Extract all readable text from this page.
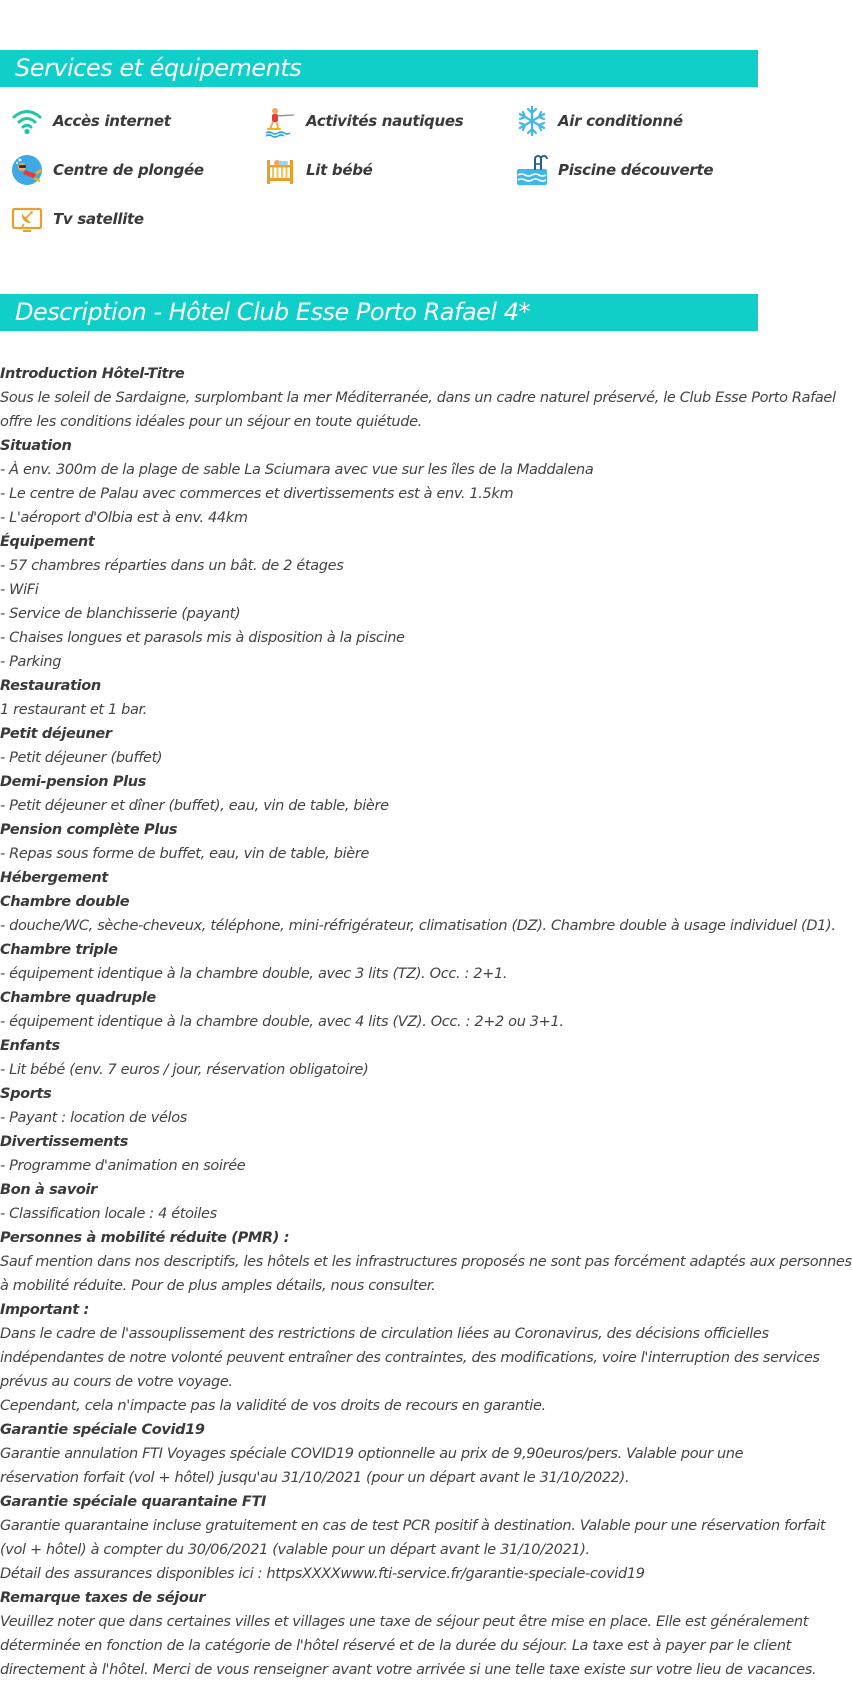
Services et équipements
Accès internet	Activités nautiques	Air conditionné
Centre de plongée	Lit bébé	Piscine découverte
Tv satellite
Description - Hôtel Club Esse Porto Rafael 4*
Introduction Hôtel-Titre
Sous le soleil de Sardaigne, surplombant la mer Méditerranée, dans un cadre naturel préservé, le Club Esse Porto Rafael
offre les conditions idéales pour un séjour en toute quiétude.
Situation
- À env. 300m de la plage de sable La Sciumara avec vue sur les îles de la Maddalena
- Le centre de Palau avec commerces et divertissements est à env. 1.5km
- L'aéroport d'Olbia est à env. 44km
Équipement
- 57 chambres réparties dans un bât. de 2 étages
- WiFi
- Service de blanchisserie (payant)
- Chaises longues et parasols mis à disposition à la piscine
- Parking
Restauration
1 restaurant et 1 bar.
Petit déjeuner
- Petit déjeuner (buffet)
Demi-pension Plus
- Petit déjeuner et dîner (buffet), eau, vin de table, bière
Pension complète Plus
- Repas sous forme de buffet, eau, vin de table, bière
Hébergement
Chambre double
- douche/WC, sèche-cheveux, téléphone, mini-réfrigérateur, climatisation (DZ). Chambre double à usage individuel (D1).
Chambre triple
- équipement identique à la chambre double, avec 3 lits (TZ). Occ. : 2+1.
Chambre quadruple
- équipement identique à la chambre double, avec 4 lits (VZ). Occ. : 2+2 ou 3+1.
Enfants
- Lit bébé (env. 7 euros / jour, réservation obligatoire)
Sports
- Payant : location de vélos
Divertissements
- Programme d'animation en soirée
Bon à savoir
- Classification locale : 4 étoiles
Personnes à mobilité réduite (PMR) :
Sauf mention dans nos descriptifs, les hôtels et les infrastructures proposés ne sont pas forcément adaptés aux personnes
à mobilité réduite. Pour de plus amples détails, nous consulter.
Important :
Dans le cadre de l'assouplissement des restrictions de circulation liées au Coronavirus, des décisions officielles
indépendantes de notre volonté peuvent entraîner des contraintes, des modifications, voire l'interruption des services
prévus au cours de votre voyage.
Cependant, cela n'impacte pas la validité de vos droits de recours en garantie.
Garantie spéciale Covid19
Garantie annulation FTI Voyages spéciale COVID19 optionnelle au prix de 9,90euros/pers. Valable pour une
réservation forfait (vol + hôtel) jusqu'au 31/10/2021 (pour un départ avant le 31/10/2022).
Garantie spéciale quarantaine FTI
Garantie quarantaine incluse gratuitement en cas de test PCR positif à destination. Valable pour une réservation forfait
(vol + hôtel) à compter du 30/06/2021 (valable pour un départ avant le 31/10/2021).
Détail des assurances disponibles ici : httpsXXXXwww.fti-service.fr/garantie-speciale-covid19
Remarque taxes de séjour
Veuillez noter que dans certaines villes et villages une taxe de séjour peut être mise en place. Elle est généralement
déterminée en fonction de la catégorie de l'hôtel réservé et de la durée du séjour. La taxe est à payer par le client
directement à l'hôtel. Merci de vous renseigner avant votre arrivée si une telle taxe existe sur votre lieu de vacances.
